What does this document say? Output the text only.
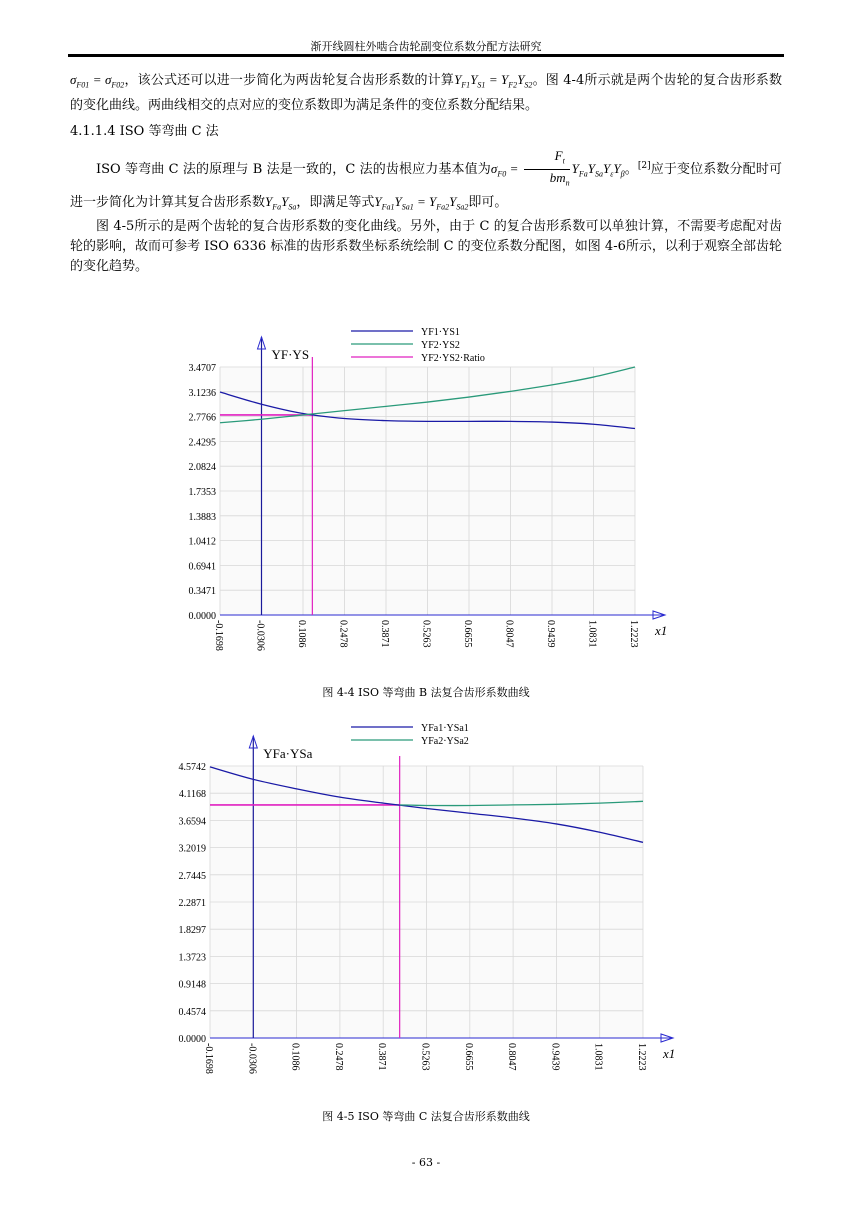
渐开线圆柱外啮合齿轮副变位系数分配方法研究

$\sigma_{F01} = \sigma_{F02}$，该公式还可以进一步简化为两齿轮复合齿形系数的计算$Y_{F1}Y_{S1} = Y_{F2}Y_{S2}$。图 4-4所示就是两个齿轮的复合齿形系数的变化曲线。两曲线相交的点对应的变位系数即为满足条件的变位系数分配结果。

4.1.1.4 ISO 等弯曲 C 法

ISO 等弯曲 C 法的原理与 B 法是一致的，C 法的齿根应力基本值为$\sigma_{F0} = \frac{F_t}{bm_n} Y_{Fa}Y_{Sa}Y_\varepsilon Y_\beta$。[2]应于变位系数分配时可进一步简化为计算其复合齿形系数$Y_{Fa}Y_{Sa}$，即满足等式$Y_{Fa1}Y_{Sa1} = Y_{Fa2}Y_{Sa2}$即可。

图 4-5所示的是两个齿轮的复合齿形系数的变化曲线。另外，由于 C 的复合齿形系数可以单独计算，不需要考虑配对齿轮的影响，故而可参考 ISO 6336 标准的齿形系数坐标系统绘制 C 的变位系数分配图，如图 4-6所示，以利于观察全部齿轮的变化趋势。

-0.1698	-0.0306	0.1086	0.2478	0.3871	0.5263	0.6655	0.8047	0.9439	1.0831	1.2223
0.0000
0.3471
0.6941
1.0412
1.3883
1.7353
2.0824
2.4295
2.7766
3.1236
3.4707
YF·YS
x1
YF1·YS1
YF2·YS2
YF2·YS2·Ratio
图 4-4 ISO 等弯曲 B 法复合齿形系数曲线
-0.1698	-0.0306	0.1086	0.2478	0.3871	0.5263	0.6655	0.8047	0.9439	1.0831	1.2223
0.0000
0.4574
0.9148
1.3723
1.8297
2.2871
2.7445
3.2019
3.6594
4.1168
4.5742
YFa·YSa
x1
YFa1·YSa1
YFa2·YSa2
图 4-5 ISO 等弯曲 C 法复合齿形系数曲线
- 63 -
